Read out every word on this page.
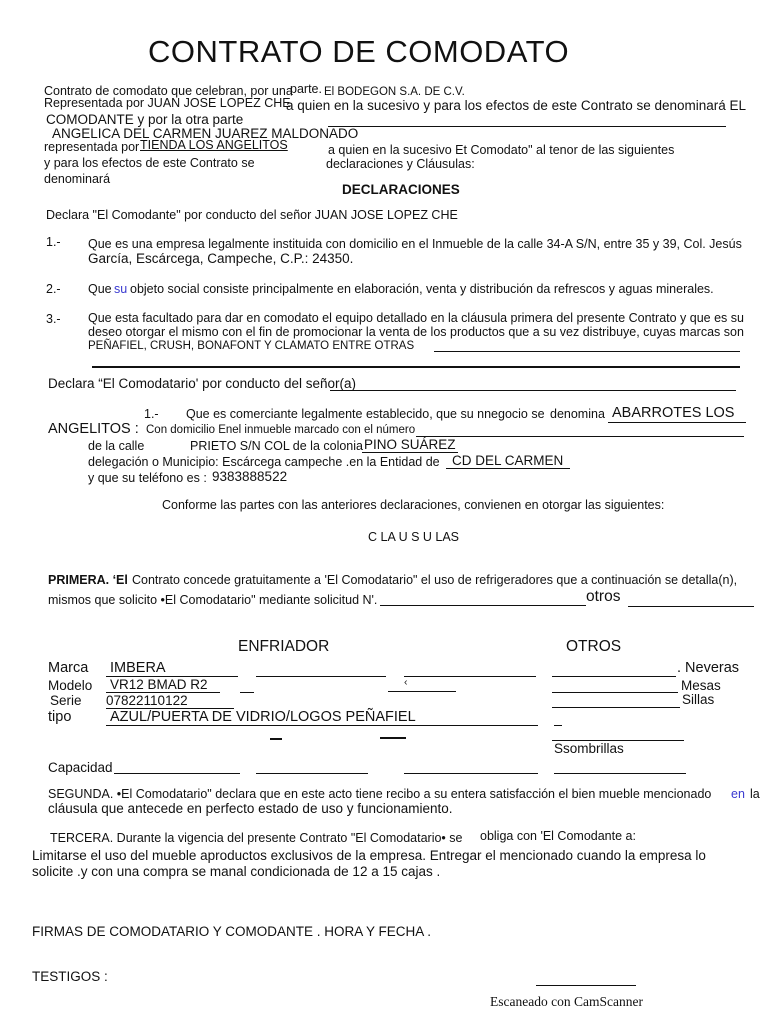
CONTRATO DE COMODATO
Contrato de comodato que celebran, por una
parte. El BODEGON S.A. DE C.V.
Representada por JUAN JOSE LOPEZ CHE
a quien en la sucesivo y para los efectos de este Contrato se denominará EL
COMODANTE y por la otra parte
ANGELICA DEL CARMEN JUAREZ MALDONADO
representada por TIENDA LOS ANGELITOS	a quien en la sucesivo Et Comodato" al tenor de las siguientes
y para los efectos de este Contrato se	declaraciones y Cláusulas:
denominará
DECLARACIONES
Declara "El Comodante" por conducto del señor JUAN JOSE LOPEZ CHE
1.- Que es una empresa legalmente instituida con domicilio en el Inmueble de la calle 34-A S/N, entre 35 y 39, Col. Jesús
García, Escárcega, Campeche, C.P.: 24350.
2.- Que su objeto social consiste principalmente en elaboración, venta y distribución da refrescos y aguas minerales.
3.- Que esta facultado para dar en comodato el equipo detallado en la cláusula primera del presente Contrato y que es su
deseo otorgar el mismo con el fin de promocionar la venta de los productos que a su vez distribuye, cuyas marcas son
PEÑAFIEL, CRUSH, BONAFONT Y CLAMATO ENTRE OTRAS
Declara “El Comodatario' por conducto del señor(a)
1.- Que es comerciante legalmente establecido, que su nnegocio se denomina ABARROTES LOS
ANGELITOS : Con domicilio Enel inmueble marcado con el número
de la calle	PRIETO S/N COL de la colonia PINO SUÁREZ
delegación o Municipio: Escárcega campeche .en la Entidad de CD DEL CARMEN
y que su teléfono es : 9383888522
Conforme las partes con las anteriores declaraciones, convienen en otorgar las siguientes:
C LA U S U LAS
PRIMERA. ‘El Contrato concede gratuitamente a 'El Comodatario" el uso de refrigeradores que a continuación se detalla(n),
mismos que solicito •El Comodatario" mediante solicitud N'.	otros
ENFRIADOR	OTROS
Marca IMBERA	. Neveras
Modelo VR12 BMAD R2	‹	Mesas
Serie 07822110122	Sillas
tipo	AZUL/PUERTA DE VIDRIO/LOGOS PEÑAFIEL
Ssombrillas
Capacidad
SEGUNDA. •El Comodatario" declara que en este acto tiene recibo a su entera satisfacción el bien mueble mencionado en la
cláusula que antecede en perfecto estado de uso y funcionamiento.
TERCERA. Durante la vigencia del presente Contrato "El Comodatario• se obliga con 'El Comodante a:
Limitarse el uso del mueble aproductos exclusivos de la empresa. Entregar el mencionado cuando la empresa lo
solicite .y con una compra se manal condicionada de 12 a 15 cajas .
FIRMAS DE COMODATARIO Y COMODANTE . HORA Y FECHA .
TESTIGOS :
Escaneado con CamScanner
